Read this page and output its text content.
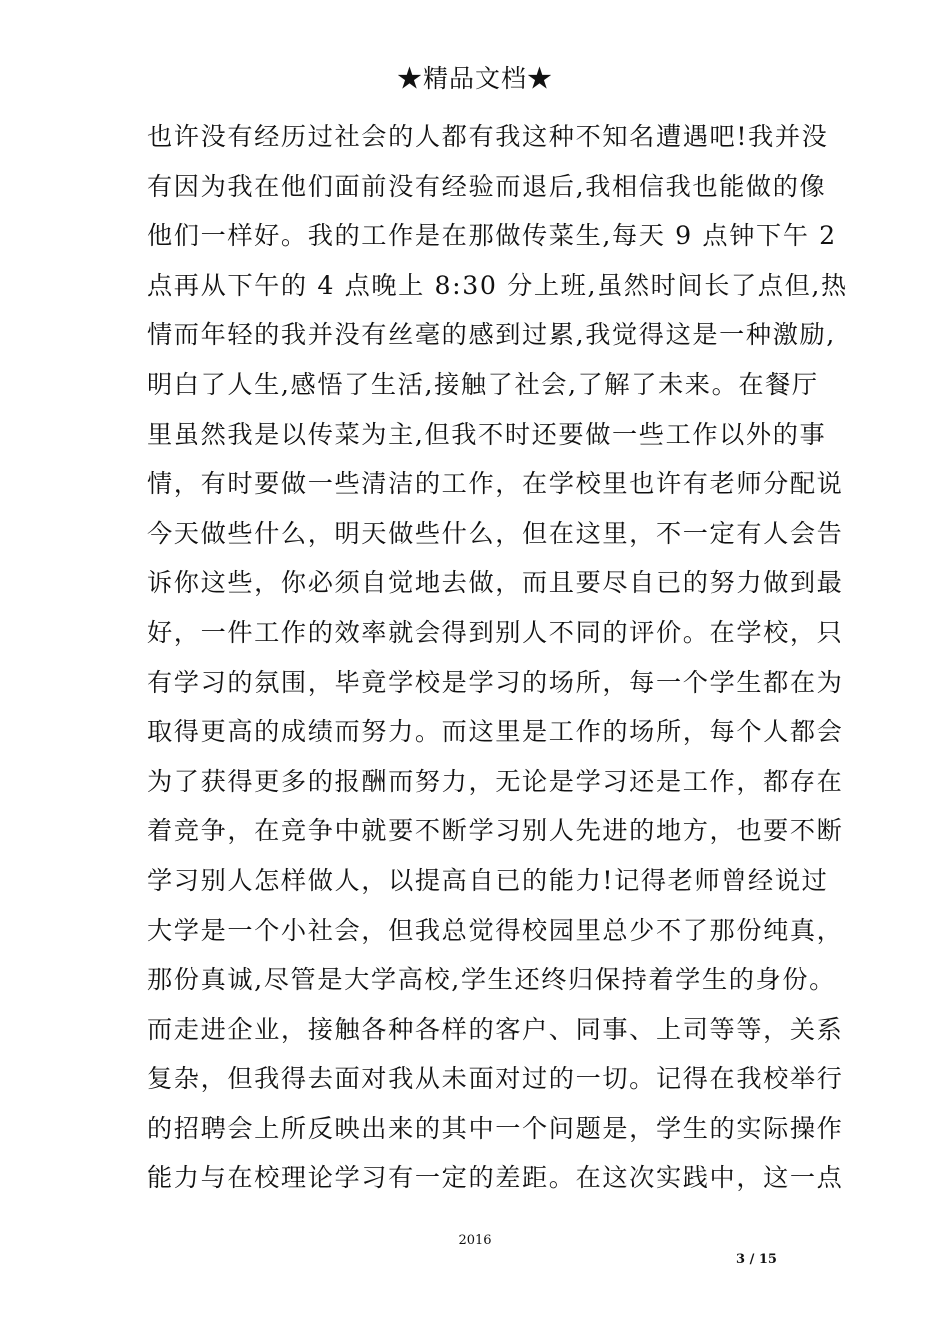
★精品文档★
也许没有经历过社会的人都有我这种不知名遭遇吧!我并没
有因为我在他们面前没有经验而退后,我相信我也能做的像
他们一样好。我的工作是在那做传菜生,每天 9 点钟下午 2
点再从下午的 4 点晚上 8:30 分上班,虽然时间长了点但,热
情而年轻的我并没有丝毫的感到过累,我觉得这是一种激励,
明白了人生,感悟了生活,接触了社会,了解了未来。在餐厅
里虽然我是以传菜为主,但我不时还要做一些工作以外的事
情，有时要做一些清洁的工作，在学校里也许有老师分配说
今天做些什么，明天做些什么，但在这里，不一定有人会告
诉你这些，你必须自觉地去做，而且要尽自已的努力做到最
好，一件工作的效率就会得到别人不同的评价。在学校，只
有学习的氛围，毕竟学校是学习的场所，每一个学生都在为
取得更高的成绩而努力。而这里是工作的场所，每个人都会
为了获得更多的报酬而努力，无论是学习还是工作，都存在
着竞争，在竞争中就要不断学习别人先进的地方，也要不断
学习别人怎样做人，以提高自已的能力!记得老师曾经说过
大学是一个小社会，但我总觉得校园里总少不了那份纯真，
那份真诚,尽管是大学高校,学生还终归保持着学生的身份。
而走进企业，接触各种各样的客户、同事、上司等等，关系
复杂，但我得去面对我从未面对过的一切。记得在我校举行
的招聘会上所反映出来的其中一个问题是，学生的实际操作
能力与在校理论学习有一定的差距。在这次实践中，这一点
2016
3 / 15
